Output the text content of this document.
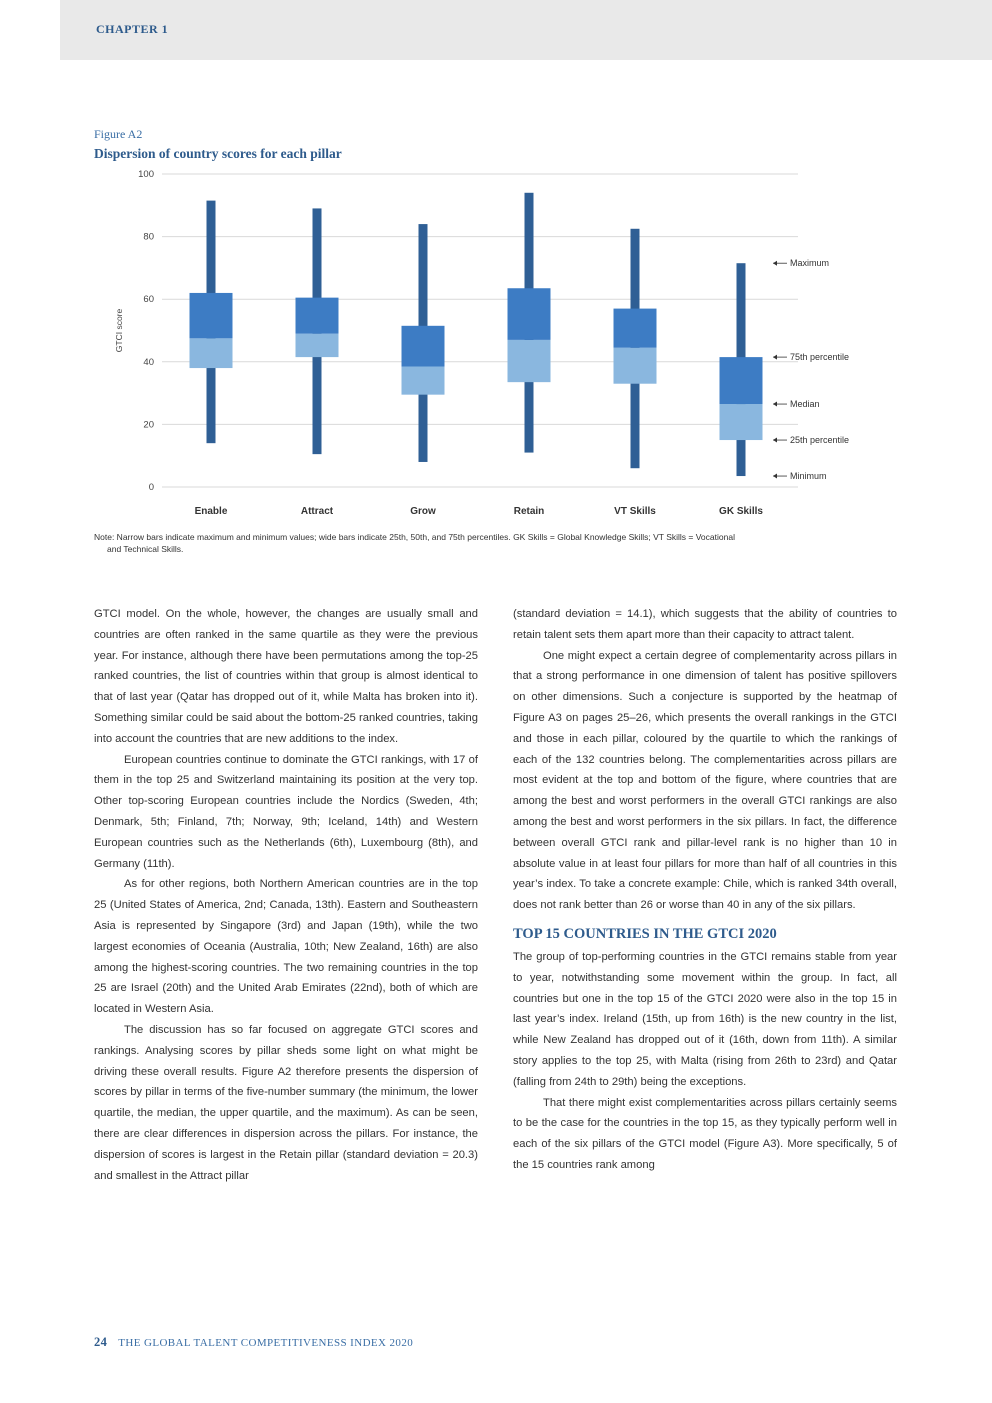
CHAPTER 1
Figure A2
Dispersion of country scores for each pillar
0
20
40
60
80
100
GTCI score
Enable	Attract	Grow	Retain	VT Skills	GK Skills
Maximum
75th percentile
Median
25th percentile
Minimum
Note: Narrow bars indicate maximum and minimum values; wide bars indicate 25th, 50th, and 75th percentiles. GK Skills = Global Knowledge Skills; VT Skills = Vocational
and Technical Skills.

GTCI model. On the whole, however, the changes are usually small and countries are often ranked in the same quartile as they were the previous year. For instance, although there have been permutations among the top-25 ranked countries, the list of countries within that group is almost identical to that of last year (Qatar has dropped out of it, while Malta has broken into it). Something similar could be said about the bottom-25 ranked countries, taking into account the countries that are new additions to the index.

European countries continue to dominate the GTCI rankings, with 17 of them in the top 25 and Switzerland maintaining its position at the very top. Other top-scoring European countries include the Nordics (Sweden, 4th; Denmark, 5th; Finland, 7th; Norway, 9th; Iceland, 14th) and Western European countries such as the Netherlands (6th), Luxembourg (8th), and Germany (11th).

As for other regions, both Northern American countries are in the top 25 (United States of America, 2nd; Canada, 13th). Eastern and Southeastern Asia is represented by Singapore (3rd) and Japan (19th), while the two largest economies of Oceania (Australia, 10th; New Zealand, 16th) are also among the highest-scoring countries. The two remaining countries in the top 25 are Israel (20th) and the United Arab Emirates (22nd), both of which are located in Western Asia.

The discussion has so far focused on aggregate GTCI scores and rankings. Analysing scores by pillar sheds some light on what might be driving these overall results. Figure A2 therefore presents the dispersion of scores by pillar in terms of the five-number summary (the minimum, the lower quartile, the median, the upper quartile, and the maximum). As can be seen, there are clear differences in dispersion across the pillars. For instance, the dispersion of scores is largest in the Retain pillar (standard deviation = 20.3) and smallest in the Attract pillar

(standard deviation = 14.1), which suggests that the ability of countries to retain talent sets them apart more than their capacity to attract talent.

One might expect a certain degree of complementarity across pillars in that a strong performance in one dimension of talent has positive spillovers on other dimensions. Such a conjecture is supported by the heatmap of Figure A3 on pages 25–26, which presents the overall rankings in the GTCI and those in each pillar, coloured by the quartile to which the rankings of each of the 132 countries belong. The complementarities across pillars are most evident at the top and bottom of the figure, where countries that are among the best and worst performers in the overall GTCI rankings are also among the best and worst performers in the six pillars. In fact, the difference between overall GTCI rank and pillar-level rank is no higher than 10 in absolute value in at least four pillars for more than half of all countries in this year’s index. To take a concrete example: Chile, which is ranked 34th overall, does not rank better than 26 or worse than 40 in any of the six pillars.

TOP 15 COUNTRIES IN THE GTCI 2020

The group of top-performing countries in the GTCI remains stable from year to year, notwithstanding some movement within the group. In fact, all countries but one in the top 15 of the GTCI 2020 were also in the top 15 in last year’s index. Ireland (15th, up from 16th) is the new country in the list, while New Zealand has dropped out of it (16th, down from 11th). A similar story applies to the top 25, with Malta (rising from 26th to 23rd) and Qatar (falling from 24th to 29th) being the exceptions.

That there might exist complementarities across pillars certainly seems to be the case for the countries in the top 15, as they typically perform well in each of the six pillars of the GTCI model (Figure A3). More specifically, 5 of the 15 countries rank among

24 THE GLOBAL TALENT COMPETITIVENESS INDEX 2020
